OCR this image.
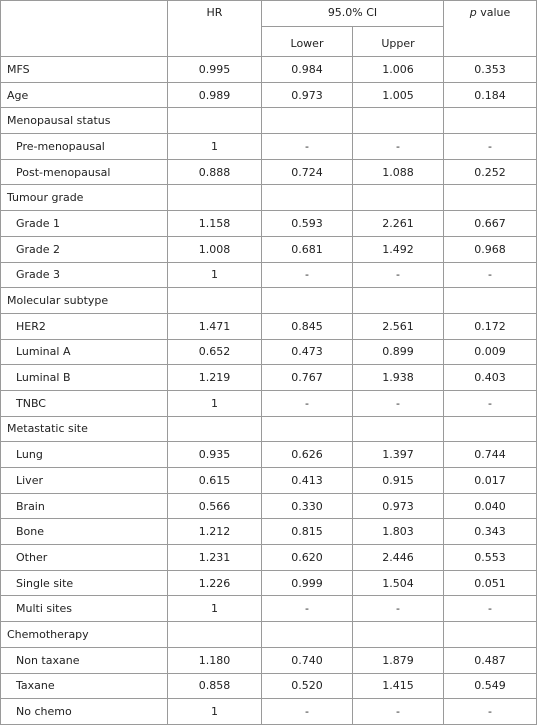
	HR	95.0% CI		p value
		Lower	Upper	
MFS	0.995	0.984	1.006	0.353
Age	0.989	0.973	1.005	0.184
Menopausal status				
Pre-menopausal	1	-	-	-
Post-menopausal	0.888	0.724	1.088	0.252
Tumour grade				
Grade 1	1.158	0.593	2.261	0.667
Grade 2	1.008	0.681	1.492	0.968
Grade 3	1	-	-	-
Molecular subtype				
HER2	1.471	0.845	2.561	0.172
Luminal A	0.652	0.473	0.899	0.009
Luminal B	1.219	0.767	1.938	0.403
TNBC	1	-	-	-
Metastatic site				
Lung	0.935	0.626	1.397	0.744
Liver	0.615	0.413	0.915	0.017
Brain	0.566	0.330	0.973	0.040
Bone	1.212	0.815	1.803	0.343
Other	1.231	0.620	2.446	0.553
Single site	1.226	0.999	1.504	0.051
Multi sites	1	-	-	-
Chemotherapy				
Non taxane	1.180	0.740	1.879	0.487
Taxane	0.858	0.520	1.415	0.549
No chemo	1	-	-	-
